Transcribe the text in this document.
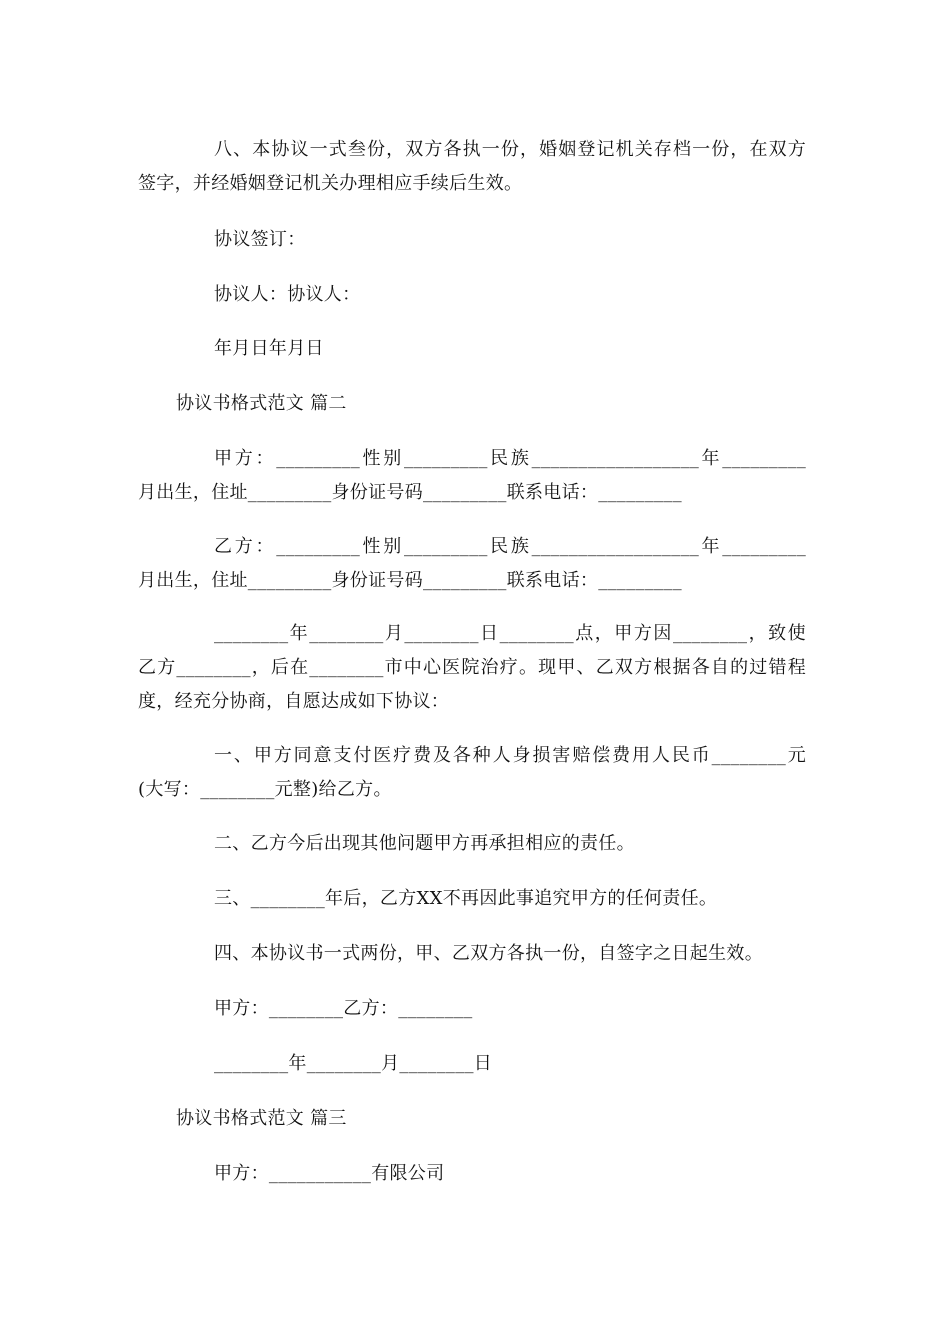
八、本协议一式叁份，双方各执一份，婚姻登记机关存档一份，在双方
签字，并经婚姻登记机关办理相应手续后生效。
协议签订：
协议人：协议人：
年月日年月日
协议书格式范文 篇二
甲方：_________性别_________民族__________________年_________
月出生，住址_________身份证号码_________联系电话：_________
乙方：_________性别_________民族__________________年_________
月出生，住址_________身份证号码_________联系电话：_________
________年________月________日________点，甲方因________，致使
乙方________，后在________市中心医院治疗。现甲、乙双方根据各自的过错程
度，经充分协商，自愿达成如下协议：
一、甲方同意支付医疗费及各种人身损害赔偿费用人民币________元
(大写：________元整)给乙方。
二、乙方今后出现其他问题甲方再承担相应的责任。
三、________年后，乙方XX不再因此事追究甲方的任何责任。
四、本协议书一式两份，甲、乙双方各执一份，自签字之日起生效。
甲方：________乙方：________
________年________月________日
协议书格式范文 篇三
甲方：___________有限公司
